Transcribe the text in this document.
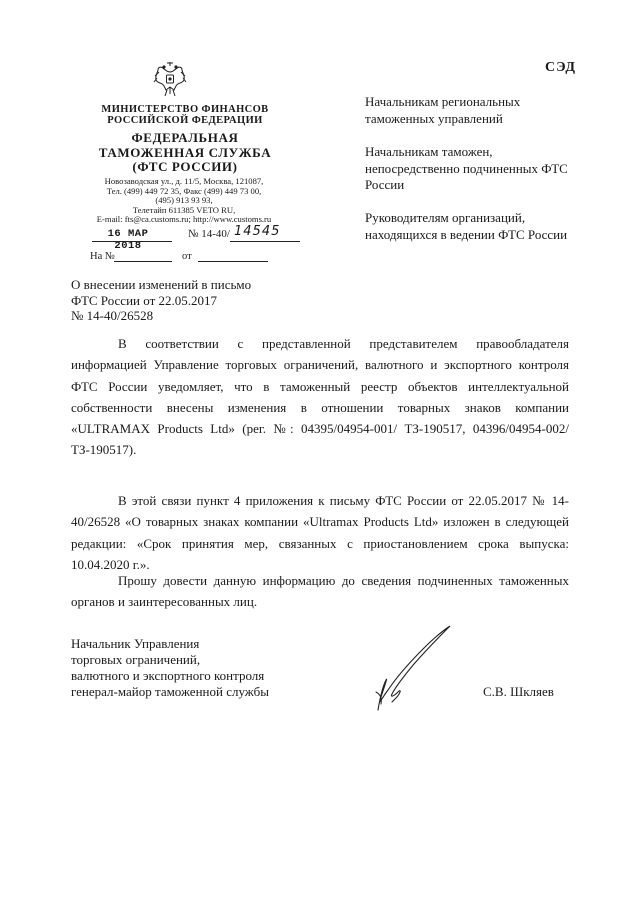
СЭД
МИНИСТЕРСТВО ФИНАНСОВ
РОССИЙСКОЙ ФЕДЕРАЦИИ
ФЕДЕРАЛЬНАЯ
ТАМОЖЕННАЯ СЛУЖБА
(ФТС РОССИИ)
Новозаводская ул., д. 11/5, Москва, 121087,
Тел. (499) 449 72 35, Факс (499) 449 73 00,
(495) 913 93 93,
Телетайп 611385 VETO RU,
E-mail: fts@ca.customs.ru; http://www.customs.ru
16 МАР 2018
№ 14-40/ 14545
На №	от
Начальникам региональных таможенных управлений
Начальникам таможен, непосредственно подчиненных ФТС России
Руководителям организаций, находящихся в ведении ФТС России
О внесении изменений в письмо
ФТС России от 22.05.2017
№ 14-40/26528

В соответствии с представленной представителем правообладателя информацией Управление торговых ограничений, валютного и экспортного контроля ФТС России уведомляет, что в таможенный реестр объектов интеллектуальной собственности внесены изменения в отношении товарных знаков компании «ULTRAMAX Products Ltd» (рег. №: 04395/04954-001/ ТЗ-190517, 04396/04954-002/ТЗ-190517).

В этой связи пункт 4 приложения к письму ФТС России от 22.05.2017 № 14-40/26528 «О товарных знаках компании «Ultramax Products Ltd» изложен в следующей редакции: «Срок принятия мер, связанных с приостановлением срока выпуска: 10.04.2020 г.».

Прошу довести данную информацию до сведения подчиненных таможенных органов и заинтересованных лиц.

Начальник Управления
торговых ограничений,
валютного и экспортного контроля
генерал-майор таможенной службы	С.В. Шкляев
